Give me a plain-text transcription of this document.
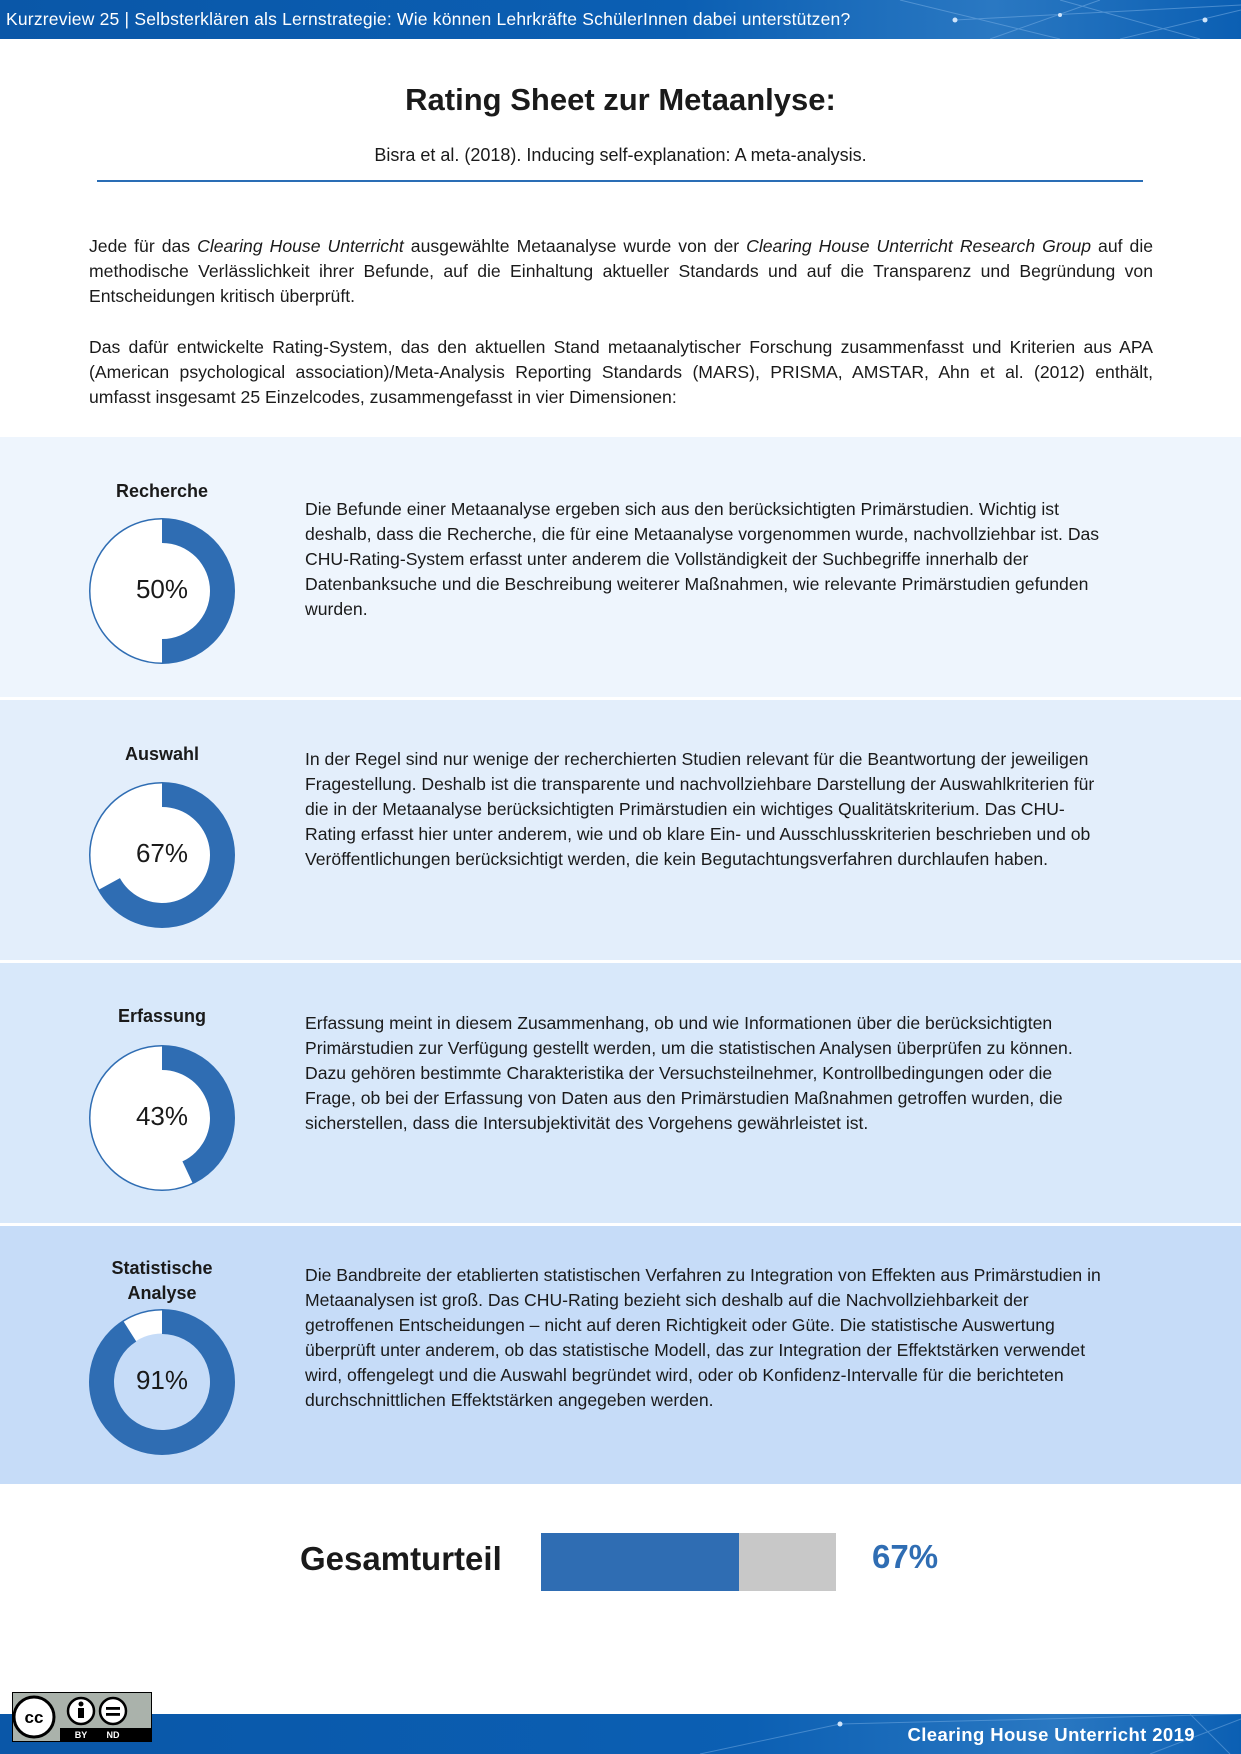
Kurzreview 25 | Selbsterklären als Lernstrategie: Wie können Lehrkräfte SchülerInnen dabei unterstützen?
Rating Sheet zur Metaanlyse:
Bisra et al. (2018). Inducing self-explanation: A meta-analysis.

Jede für das Clearing House Unterricht ausgewählte Metaanalyse wurde von der Clearing House Unterricht Research Group auf die methodische Verlässlichkeit ihrer Befunde, auf die Einhaltung aktueller Standards und auf die Transparenz und Begründung von Entscheidungen kritisch überprüft.

Das dafür entwickelte Rating-System, das den aktuellen Stand metaanalytischer Forschung zusammenfasst und Kriterien aus APA (American psychological association)/Meta-Analysis Reporting Standards (MARS), PRISMA, AMSTAR, Ahn et al. (2012) enthält, umfasst insgesamt 25 Einzelcodes, zusammengefasst in vier Dimensionen:

Recherche
50%

Die Befunde einer Metaanalyse ergeben sich aus den berücksichtigten Primärstudien. Wichtig ist deshalb, dass die Recherche, die für eine Metaanalyse vorgenommen wurde, nachvollziehbar ist. Das CHU-Rating-System erfasst unter anderem die Vollständigkeit der Suchbegriffe innerhalb der Datenbanksuche und die Beschreibung weiterer Maßnahmen, wie relevante Primärstudien gefunden wurden.

Auswahl
67%

In der Regel sind nur wenige der recherchierten Studien relevant für die Beantwortung der jeweiligen Fragestellung. Deshalb ist die transparente und nachvollziehbare Darstellung der Auswahlkriterien für die in der Metaanalyse berücksichtigten Primärstudien ein wichtiges Qualitätskriterium. Das CHU-Rating erfasst hier unter anderem, wie und ob klare Ein- und Ausschlusskriterien beschrieben und ob Veröffentlichungen berücksichtigt werden, die kein Begutachtungsverfahren durchlaufen haben.

Erfassung
43%

Erfassung meint in diesem Zusammenhang, ob und wie Informationen über die berücksichtigten Primärstudien zur Verfügung gestellt werden, um die statistischen Analysen überprüfen zu können. Dazu gehören bestimmte Charakteristika der Versuchsteilnehmer, Kontrollbedingungen oder die Frage, ob bei der Erfassung von Daten aus den Primärstudien Maßnahmen getroffen wurden, die sicherstellen, dass die Intersubjektivität des Vorgehens gewährleistet ist.

Statistische Analyse
91%

Die Bandbreite der etablierten statistischen Verfahren zu Integration von Effekten aus Primärstudien in Metaanalysen ist groß. Das CHU-Rating bezieht sich deshalb auf die Nachvollziehbarkeit der getroffenen Entscheidungen – nicht auf deren Richtigkeit oder Güte. Die statistische Auswertung überprüft unter anderem, ob das statistische Modell, das zur Integration der Effektstärken verwendet wird, offengelegt und die Auswahl begründet wird, oder ob Konfidenz-Intervalle für die berichteten durchschnittlichen Effektstärken angegeben werden.

Gesamturteil	67%
Clearing House Unterricht 2019
cc
BY ND
